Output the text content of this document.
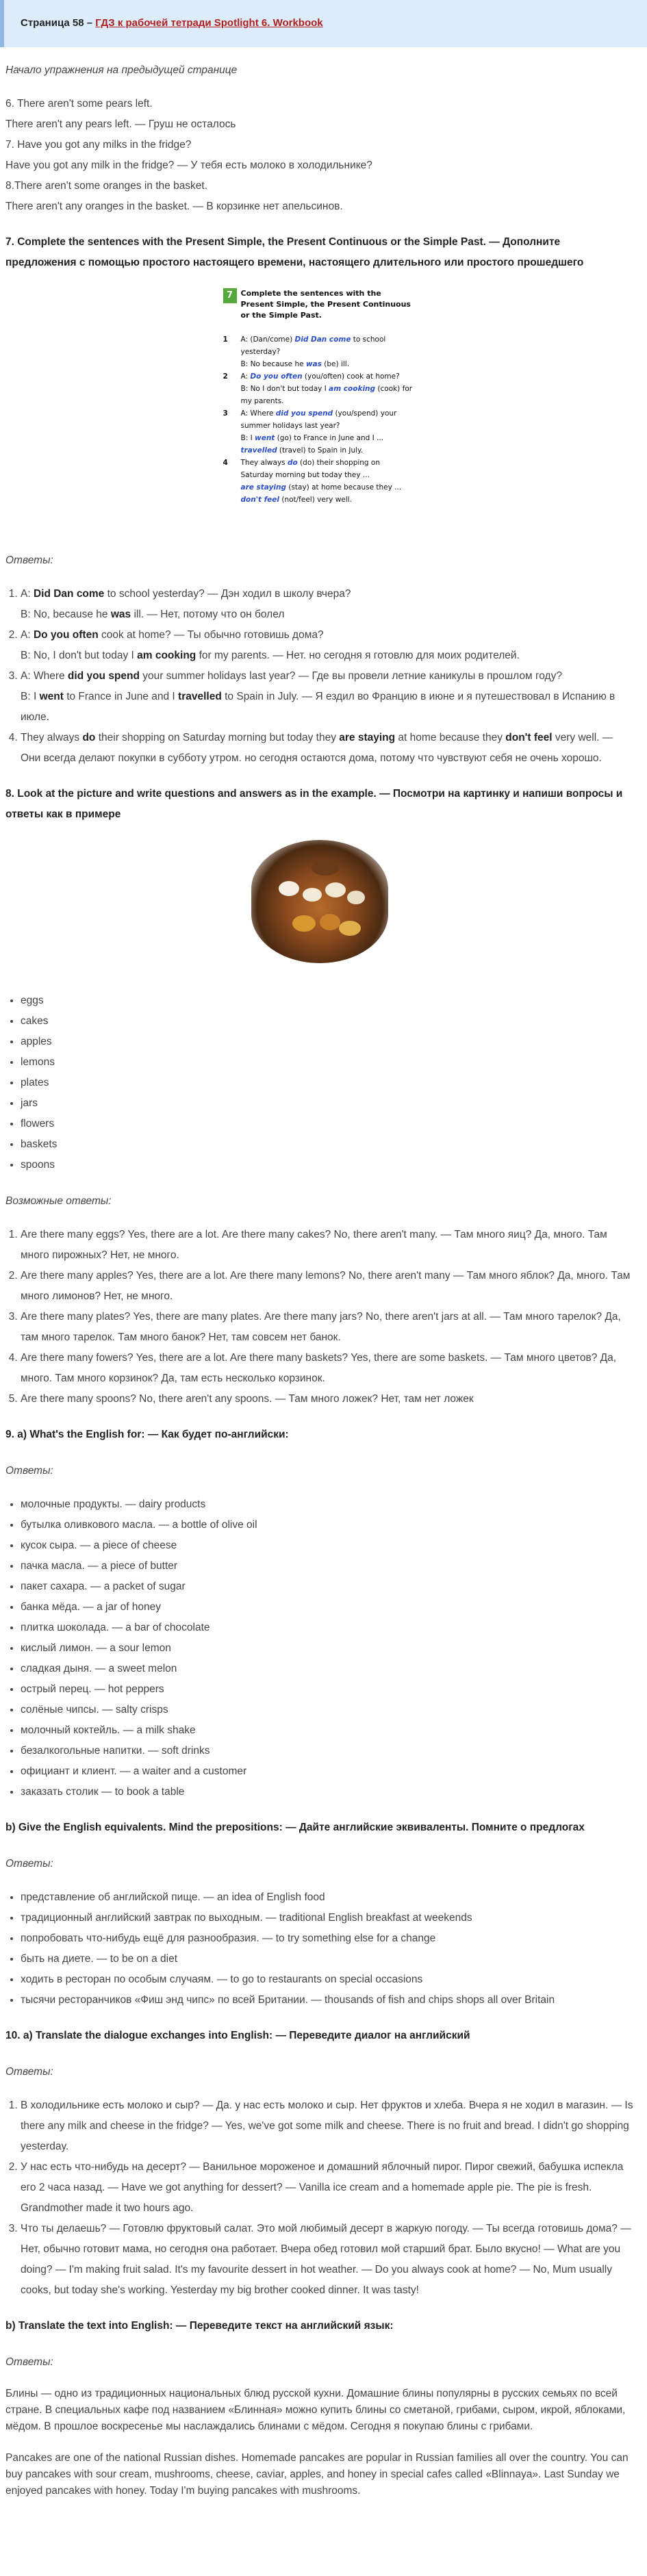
Страница 58 – ГДЗ к рабочей тетради Spotlight 6. Workbook

Начало упражнения на предыдущей странице

6. There aren't some pears left.
There aren't any pears left. — Груш не осталось
7. Have you got any milks in the fridge?
Have you got any milk in the fridge? — У тебя есть молоко в холодильнике?
8.There aren't some oranges in the basket.
There aren't any oranges in the basket. — В корзинке нет апельсинов.
7. Complete the sentences with the Present Simple, the Present Continuous or the Simple Past. — Дополните предложения с помощью простого настоящего времени, настоящего длительного или простого прошедшего
7	Complete the sentences with the Present Simple, the Present Continuous or the Simple Past.
1 A: (Dan/come) Did Dan come to school yesterday?
B: No because he was (be) ill.
2 A: Do you often (you/often) cook at home?
B: No I don't but today I am cooking (cook) for my parents.
3 A: Where did you spend (you/spend) your summer holidays last year?
B: I went (go) to France in June and I ...
travelled (travel) to Spain in July.
4 They always do (do) their shopping on Saturday morning but today they ...
are staying (stay) at home because they ...
don't feel (not/feel) very well.
Ответы:
1. A: Did Dan come to school yesterday? — Дэн ходил в школу вчера?
B: No, because he was ill. — Нет, потому что он болел
2. A: Do you often cook at home? — Ты обычно готовишь дома?
B: No, I don't but today I am cooking for my parents. — Нет. но сегодня я готовлю для моих родителей.
3. A: Where did you spend your summer holidays last year? — Где вы провели летние каникулы в прошлом году?
B: I went to France in June and I travelled to Spain in July. — Я ездил во Францию в июне и я путешествовал в Испанию в июле.
4. They always do their shopping on Saturday morning but today they are staying at home because they don't feel very well. — Они всегда делают покупки в субботу утром. но сегодня остаются дома, потому что чувствуют себя не очень хорошо.
8. Look at the picture and write questions and answers as in the example. — Посмотри на картинку и напиши вопросы и ответы как в примере
• eggs
• cakes
• apples
• lemons
• plates
• jars
• flowers
• baskets
• spoons
Возможные ответы:
1. Are there many eggs? Yes, there are a lot. Are there many cakes? No, there aren't many. — Там много яиц? Да, много. Там много пирожных? Нет, не много.
2. Are there many apples? Yes, there are a lot. Are there many lemons? No, there aren't many — Там много яблок? Да, много. Там много лимонов? Нет, не много.
3. Are there many plates? Yes, there are many plates. Are there many jars? No, there aren't jars at all. — Там много тарелок? Да, там много тарелок. Там много банок? Нет, там совсем нет банок.
4. Are there many fowers? Yes, there are a lot. Are there many baskets? Yes, there are some baskets. — Там много цветов? Да, много. Там много корзинок? Да, там есть несколько корзинок.
5. Are there many spoons? No, there aren't any spoons. — Там много ложек? Нет, там нет ложек
9. a) What's the English for: — Как будет по-английски:
Ответы:
• молочные продукты. — dairy products
• бутылка оливкового масла. — a bottle of olive oil
• кусок сыра. — a piece of cheese
• пачка масла. — a piece of butter
• пакет сахара. — a packet of sugar
• банка мёда. — a jar of honey
• плитка шоколада. — a bar of chocolate
• кислый лимон. — a sour lemon
• сладкая дыня. — a sweet melon
• острый перец. — hot peppers
• солёные чипсы. — salty crisps
• молочный коктейль. — a milk shake
• безалкогольные напитки. — soft drinks
• официант и клиент. — a waiter and a customer
• заказать столик — to book a table
b) Give the English equivalents. Mind the prepositions: — Дайте английские эквиваленты. Помните о предлогах
Ответы:
• представление об английской пище. — an idea of English food
• традиционный английский завтрак по выходным. — traditional English breakfast at weekends
• попробовать что-нибудь ещё для разнообразия. — to try something else for a change
• быть на диете. — to be on a diet
• ходить в ресторан по особым случаям. — to go to restaurants on special occasions
• тысячи ресторанчиков «Фиш энд чипс» по всей Британии. — thousands of fish and chips shops all over Britain
10. a) Translate the dialogue exchanges into English: — Переведите диалог на английский
Ответы:
1. В холодильнике есть молоко и сыр? — Да. у нас есть молоко и сыр. Нет фруктов и хлеба. Вчера я не ходил в магазин. — Is there any milk and cheese in the fridge? — Yes, we've got some milk and cheese. There is no fruit and bread. I didn't go shopping yesterday.
2. У нас есть что-нибудь на десерт? — Ванильное мороженое и домашний яблочный пирог. Пирог свежий, бабушка испекла его 2 часа назад. — Have we got anything for dessert? — Vanilla ice cream and a homemade apple pie. The pie is fresh. Grandmother made it two hours ago.
3. Что ты делаешь? — Готовлю фруктовый салат. Это мой любимый десерт в жаркую погоду. — Ты всегда готовишь дома? — Нет, обычно готовит мама, но сегодня она работает. Вчера обед готовил мой старший брат. Было вкусно! — What are you doing? — I'm making fruit salad. It's my favourite dessert in hot weather. — Do you always cook at home? — No, Mum usually cooks, but today she's working. Yesterday my big brother cooked dinner. It was tasty!
b) Translate the text into English: — Переведите текст на английский язык:
Ответы:

Блины — одно из традиционных национальных блюд русской кухни. Домашние блины популярны в русских семьях по всей стране. В специальных кафе под названием «Блинная» можно купить блины со сметаной, грибами, сыром, икрой, яблоками, мёдом. В прошлое воскресенье мы наслаждались блинами с мёдом. Сегодня я покупаю блины с грибами.

Pancakes are one of the national Russian dishes. Homemade pancakes are popular in Russian families all over the country. You can buy pancakes with sour cream, mushrooms, cheese, caviar, apples, and honey in special cafes called «Blinnaya». Last Sunday we enjoyed pancakes with honey. Today I'm buying pancakes with mushrooms.
